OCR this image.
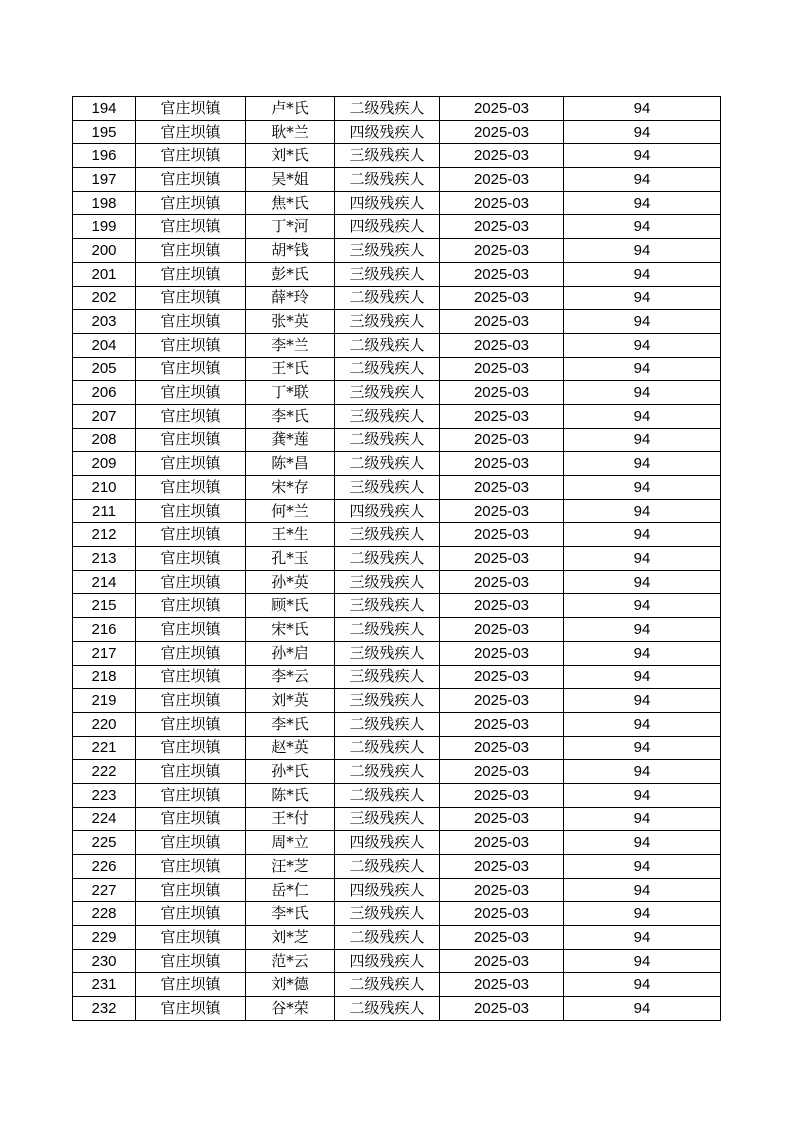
194	官庄坝镇	卢*氏	二级残疾人	2025-03	94
195	官庄坝镇	耿*兰	四级残疾人	2025-03	94
196	官庄坝镇	刘*氏	三级残疾人	2025-03	94
197	官庄坝镇	吴*姐	二级残疾人	2025-03	94
198	官庄坝镇	焦*氏	四级残疾人	2025-03	94
199	官庄坝镇	丁*河	四级残疾人	2025-03	94
200	官庄坝镇	胡*钱	三级残疾人	2025-03	94
201	官庄坝镇	彭*氏	三级残疾人	2025-03	94
202	官庄坝镇	薛*玲	二级残疾人	2025-03	94
203	官庄坝镇	张*英	三级残疾人	2025-03	94
204	官庄坝镇	李*兰	二级残疾人	2025-03	94
205	官庄坝镇	王*氏	二级残疾人	2025-03	94
206	官庄坝镇	丁*联	三级残疾人	2025-03	94
207	官庄坝镇	李*氏	三级残疾人	2025-03	94
208	官庄坝镇	龚*莲	二级残疾人	2025-03	94
209	官庄坝镇	陈*昌	二级残疾人	2025-03	94
210	官庄坝镇	宋*存	三级残疾人	2025-03	94
211	官庄坝镇	何*兰	四级残疾人	2025-03	94
212	官庄坝镇	王*生	三级残疾人	2025-03	94
213	官庄坝镇	孔*玉	二级残疾人	2025-03	94
214	官庄坝镇	孙*英	三级残疾人	2025-03	94
215	官庄坝镇	顾*氏	三级残疾人	2025-03	94
216	官庄坝镇	宋*氏	二级残疾人	2025-03	94
217	官庄坝镇	孙*启	三级残疾人	2025-03	94
218	官庄坝镇	李*云	三级残疾人	2025-03	94
219	官庄坝镇	刘*英	三级残疾人	2025-03	94
220	官庄坝镇	李*氏	二级残疾人	2025-03	94
221	官庄坝镇	赵*英	二级残疾人	2025-03	94
222	官庄坝镇	孙*氏	二级残疾人	2025-03	94
223	官庄坝镇	陈*氏	二级残疾人	2025-03	94
224	官庄坝镇	王*付	三级残疾人	2025-03	94
225	官庄坝镇	周*立	四级残疾人	2025-03	94
226	官庄坝镇	汪*芝	二级残疾人	2025-03	94
227	官庄坝镇	岳*仁	四级残疾人	2025-03	94
228	官庄坝镇	李*氏	三级残疾人	2025-03	94
229	官庄坝镇	刘*芝	二级残疾人	2025-03	94
230	官庄坝镇	范*云	四级残疾人	2025-03	94
231	官庄坝镇	刘*德	二级残疾人	2025-03	94
232	官庄坝镇	谷*荣	二级残疾人	2025-03	94
